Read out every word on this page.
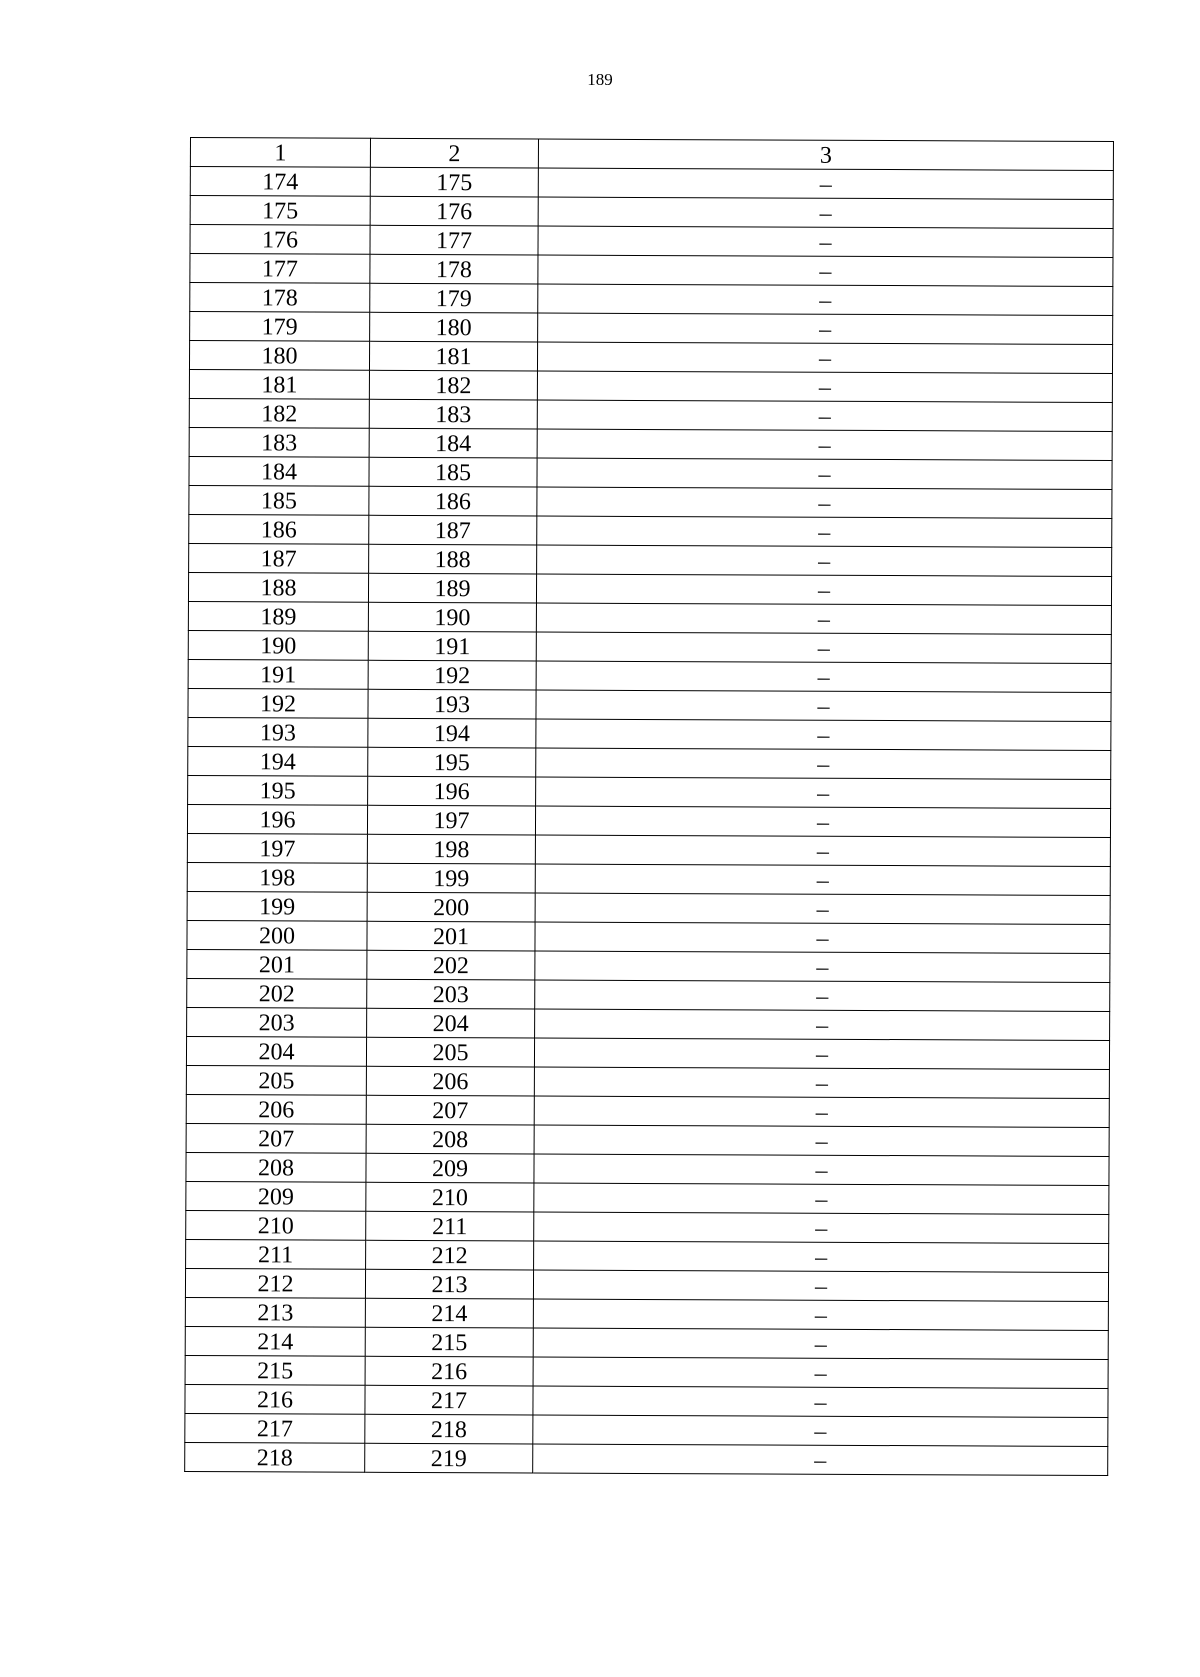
189
1	2	3
174	175	–
175	176	–
176	177	–
177	178	–
178	179	–
179	180	–
180	181	–
181	182	–
182	183	–
183	184	–
184	185	–
185	186	–
186	187	–
187	188	–
188	189	–
189	190	–
190	191	–
191	192	–
192	193	–
193	194	–
194	195	–
195	196	–
196	197	–
197	198	–
198	199	–
199	200	–
200	201	–
201	202	–
202	203	–
203	204	–
204	205	–
205	206	–
206	207	–
207	208	–
208	209	–
209	210	–
210	211	–
211	212	–
212	213	–
213	214	–
214	215	–
215	216	–
216	217	–
217	218	–
218	219	–
